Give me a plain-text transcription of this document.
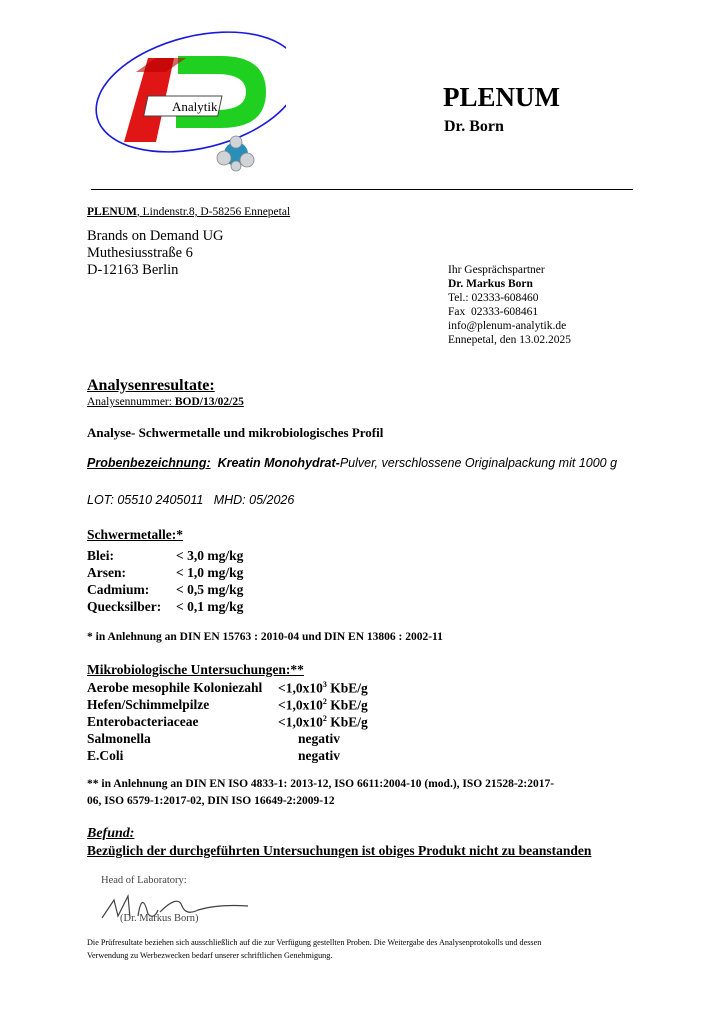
Analytik	PLENUM
Dr. Born
PLENUM, Lindenstr.8, D-58256 Ennepetal
Brands on Demand UG
Muthesiusstraße 6
D-12163 Berlin	Ihr Gesprächspartner
Dr. Markus Born
Tel.: 02333-608460
Fax  02333-608461
info@plenum-analytik.de
Ennepetal, den 13.02.2025
Analysenresultate:
Analysennummer: BOD/13/02/25
Analyse- Schwermetalle und mikrobiologisches Profil
Probenbezeichnung: Kreatin Monohydrat-Pulver, verschlossene Originalpackung mit 1000 g
LOT: 05510 2405011   MHD: 05/2026
Schwermetalle:*
Blei:	< 3,0 mg/kg
Arsen:	< 1,0 mg/kg
Cadmium: < 0,5 mg/kg
Quecksilber: < 0,1 mg/kg
* in Anlehnung an DIN EN 15763 : 2010-04 und DIN EN 13806 : 2002-11
Mikrobiologische Untersuchungen:**
Aerobe mesophile Koloniezahl $<1,0x10^3$ KbE/g
Hefen/Schimmelpilze	$<1,0x10^2$ KbE/g
Enterobacteriaceae	$<1,0x10^2$ KbE/g
Salmonella	negativ
E.Coli	negativ
** in Anlehnung an DIN EN ISO 4833-1: 2013-12, ISO 6611:2004-10 (mod.), ISO 21528-2:2017-
06, ISO 6579-1:2017-02, DIN ISO 16649-2:2009-12
Befund:
Bezüglich der durchgeführten Untersuchungen ist obiges Produkt nicht zu beanstanden
Head of Laboratory:
(Dr. Markus Born)
Die Prüfresultate beziehen sich ausschließlich auf die zur Verfügung gestellten Proben. Die Weitergabe des Analysenprotokolls und dessen
Verwendung zu Werbezwecken bedarf unserer schriftlichen Genehmigung.
